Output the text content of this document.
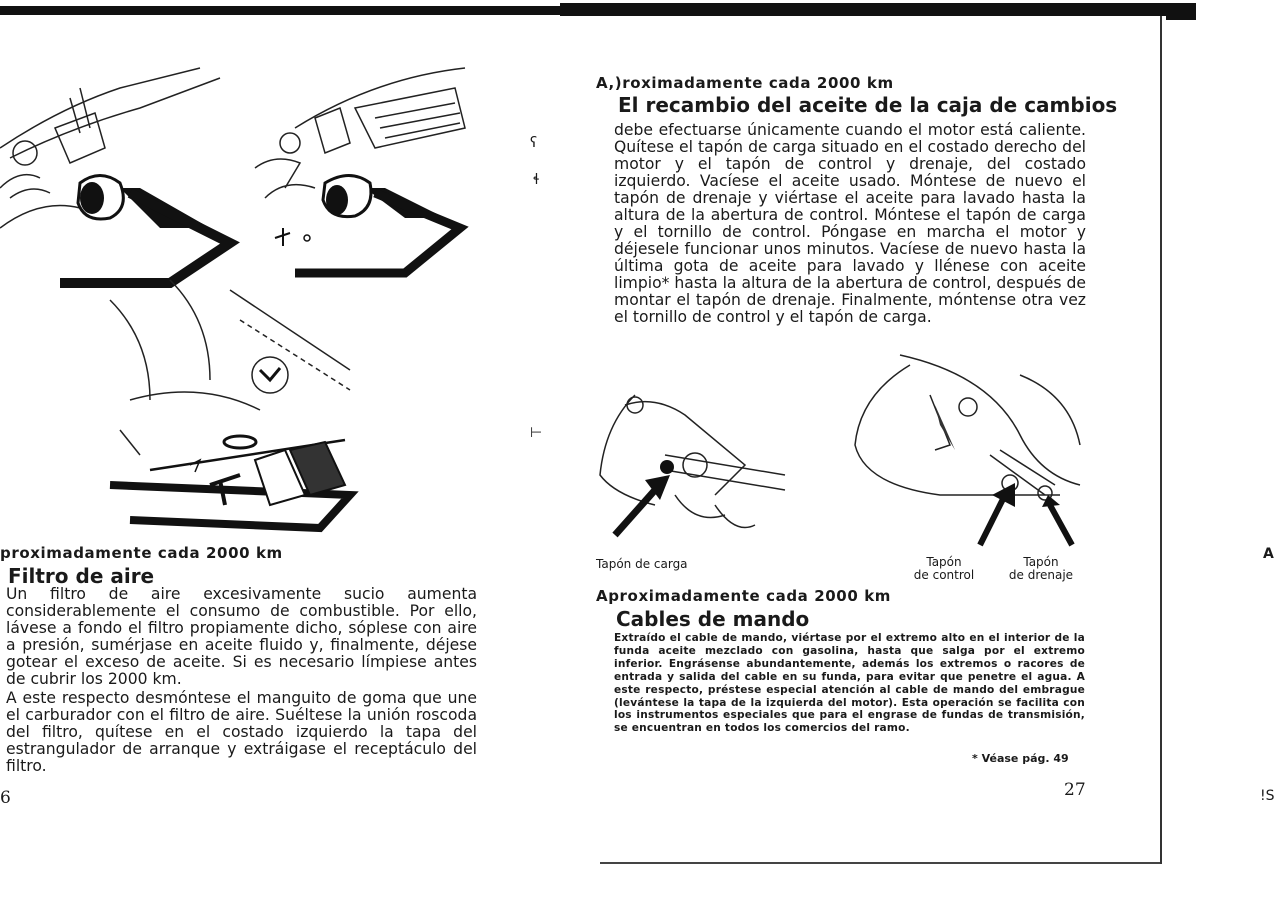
proximadamente cada 2000 km
Filtro de aire

Un filtro de aire excesivamente sucio aumenta considerablemente el consumo de combustible. Por ello, lávese a fondo el filtro propiamente dicho, sóplese con aire a presión, sumérjase en aceite fluido y, finalmente, déjese gotear el exceso de aceite. Si es necesario límpiese antes de cubrir los 2000 km.

A este respecto desmóntese el manguito de goma que une el carburador con el filtro de aire. Suéltese la unión roscoda del filtro, quítese en el costado izquierdo la tapa del estrangulador de arranque y extráigase el receptáculo del filtro.

6
ʕ
ɬ
⊢
A,)roximadamente cada 2000 km
El recambio del aceite de la caja de cambios

debe efectuarse únicamente cuando el motor está caliente. Quítese el tapón de carga situado en el costado derecho del motor y el tapón de control y drenaje, del costado izquierdo. Vacíese el aceite usado. Móntese de nuevo el tapón de drenaje y viértase el aceite para lavado hasta la altura de la abertura de control. Móntese el tapón de carga y el tornillo de control. Póngase en marcha el motor y déjesele funcionar unos minutos. Vacíese de nuevo hasta la última gota de aceite para lavado y llénese con aceite limpio* hasta la altura de la abertura de control, después de montar el tapón de drenaje. Finalmente, móntense otra vez el tornillo de control y el tapón de carga.

Tapón de carga	Tapón
de control
Tapón
de drenaje
Aproximadamente cada 2000 km
Cables de mando

Extraído el cable de mando, viértase por el extremo alto en el interior de la funda aceite mezclado con gasolina, hasta que salga por el extremo inferior. Engrásense abundantemente, además los extremos o racores de entrada y salida del cable en su funda, para evitar que penetre el agua. A este respecto, préstese especial atención al cable de mando del embrague (levántese la tapa de la izquierda del motor). Esta operación se facilita con los instrumentos especiales que para el engrase de fundas de transmisión, se encuentran en todos los comercios del ramo.

* Véase pág. 49
27
A
!S
